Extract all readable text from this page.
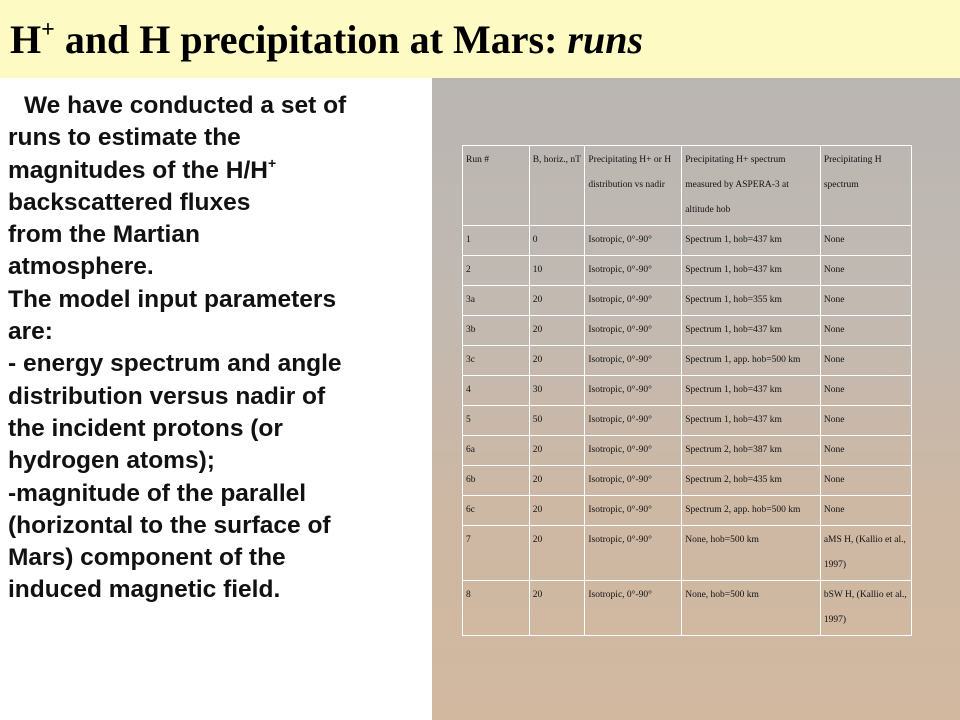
H+ and H precipitation at Mars: runs

We have conducted a set of

runs to estimate the

magnitudes of the H/H+

backscattered fluxes

from the Martian

atmosphere.

The model input parameters

are:

- energy spectrum and angle

distribution versus nadir of

the incident protons (or

hydrogen atoms);

-magnitude of the parallel

(horizontal to the surface of

Mars) component of the

induced magnetic field.

Run #	B, horiz., nT	Precipitating H+ or H distribution vs nadir	Precipitating H+ spectrum measured by ASPERA-3 at altitude hob	Precipitating H spectrum
1	0	Isotropic, 0°-90°	Spectrum 1, hob=437 km	None
2	10	Isotropic, 0°-90°	Spectrum 1, hob=437 km	None
3a	20	Isotropic, 0°-90°	Spectrum 1, hob=355 km	None
3b	20	Isotropic, 0°-90°	Spectrum 1, hob=437 km	None
3c	20	Isotropic, 0°-90°	Spectrum 1, app. hob=500 km	None
4	30	Isotropic, 0°-90°	Spectrum 1, hob=437 km	None
5	50	Isotropic, 0°-90°	Spectrum 1, hob=437 km	None
6a	20	Isotropic, 0°-90°	Spectrum 2, hob=387 km	None
6b	20	Isotropic, 0°-90°	Spectrum 2, hob=435 km	None
6c	20	Isotropic, 0°-90°	Spectrum 2, app. hob=500 km	None
7	20	Isotropic, 0°-90°	None, hob=500 km	aMS H, (Kallio et al., 1997)
8	20	Isotropic, 0°-90°	None, hob=500 km	bSW H, (Kallio et al., 1997)
